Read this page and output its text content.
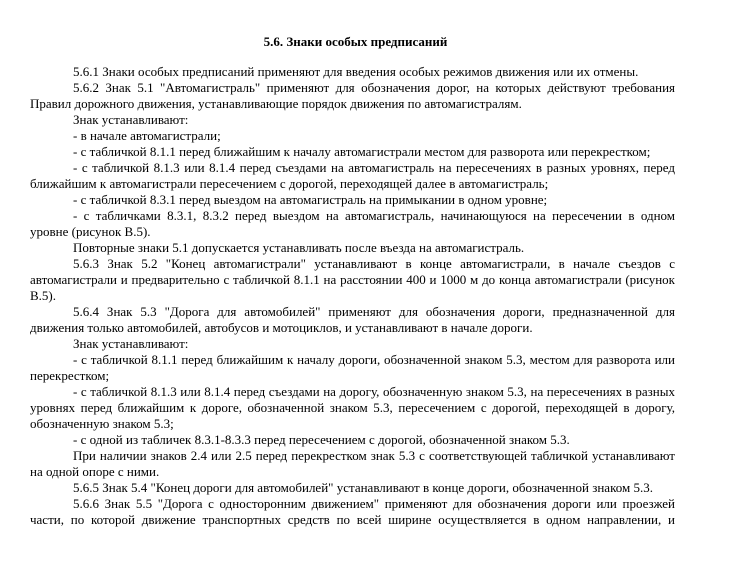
5.6. Знаки особых предписаний

5.6.1 Знаки особых предписаний применяют для введения особых режимов движения или их отмены.

5.6.2 Знак 5.1 "Автомагистраль" применяют для обозначения дорог, на которых действуют требования Правил дорожного движения, устанавливающие порядок движения по автомагистралям.

Знак устанавливают:

- в начале автомагистрали;

- с табличкой 8.1.1 перед ближайшим к началу автомагистрали местом для разворота или перекрестком;

- с табличкой 8.1.3 или 8.1.4 перед съездами на автомагистраль на пересечениях в разных уровнях, перед ближайшим к автомагистрали пересечением с дорогой, переходящей далее в автомагистраль;

- с табличкой 8.3.1 перед выездом на автомагистраль на примыкании в одном уровне;

- с табличками 8.3.1, 8.3.2 перед выездом на автомагистраль, начинающуюся на пересечении в одном уровне (рисунок В.5).

Повторные знаки 5.1 допускается устанавливать после въезда на автомагистраль.

5.6.3 Знак 5.2 "Конец автомагистрали" устанавливают в конце автомагистрали, в начале съездов с автомагистрали и предварительно с табличкой 8.1.1 на расстоянии 400 и 1000 м до конца автомагистрали (рисунок В.5).

5.6.4 Знак 5.3 "Дорога для автомобилей" применяют для обозначения дороги, предназначенной для движения только автомобилей, автобусов и мотоциклов, и устанавливают в начале дороги.

Знак устанавливают:

- с табличкой 8.1.1 перед ближайшим к началу дороги, обозначенной знаком 5.3, местом для разворота или перекрестком;

- с табличкой 8.1.3 или 8.1.4 перед съездами на дорогу, обозначенную знаком 5.3, на пересечениях в разных уровнях перед ближайшим к дороге, обозначенной знаком 5.3, пересечением с дорогой, переходящей в дорогу, обозначенную знаком 5.3;

- с одной из табличек 8.3.1-8.3.3 перед пересечением с дорогой, обозначенной знаком 5.3.

При наличии знаков 2.4 или 2.5 перед перекрестком знак 5.3 с соответствующей табличкой устанавливают на одной опоре с ними.

5.6.5 Знак 5.4 "Конец дороги для автомобилей" устанавливают в конце дороги, обозначенной знаком 5.3.

5.6.6 Знак 5.5 "Дорога с односторонним движением" применяют для обозначения дороги или проезжей части, по которой движение транспортных средств по всей ширине осуществляется в одном направлении, и
